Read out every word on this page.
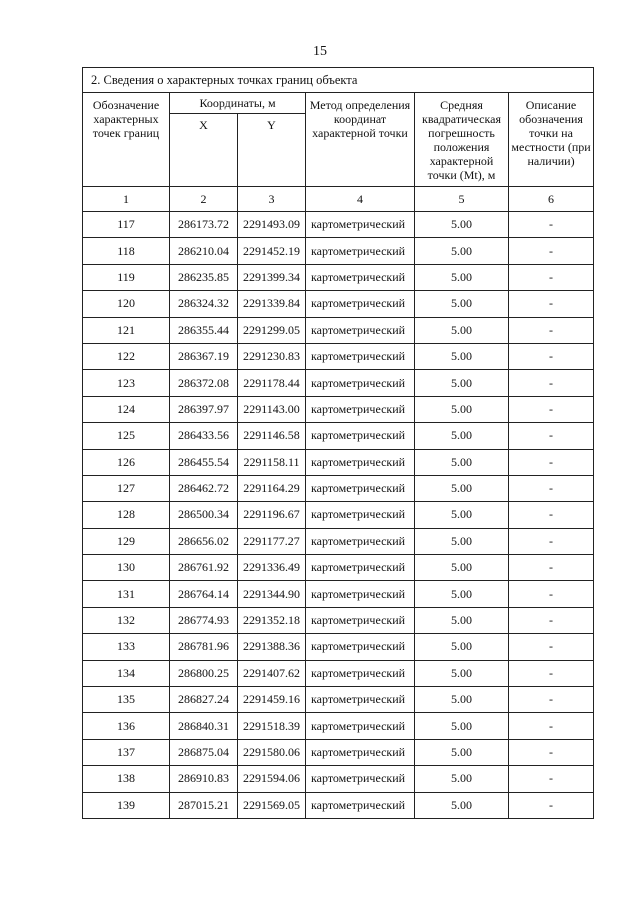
15
2. Сведения о характерных точках границ объекта					
Обозначение характерных точек границ	Координаты, м		Метод определения координат характерной точки	Средняя квадратическая погрешность положения характерной точки (Mt), м	Описание обозначения точки на местности (при наличии)
	X	Y			
1	2	3	4	5	6
117	286173.72	2291493.09	картометрический	5.00	-
118	286210.04	2291452.19	картометрический	5.00	-
119	286235.85	2291399.34	картометрический	5.00	-
120	286324.32	2291339.84	картометрический	5.00	-
121	286355.44	2291299.05	картометрический	5.00	-
122	286367.19	2291230.83	картометрический	5.00	-
123	286372.08	2291178.44	картометрический	5.00	-
124	286397.97	2291143.00	картометрический	5.00	-
125	286433.56	2291146.58	картометрический	5.00	-
126	286455.54	2291158.11	картометрический	5.00	-
127	286462.72	2291164.29	картометрический	5.00	-
128	286500.34	2291196.67	картометрический	5.00	-
129	286656.02	2291177.27	картометрический	5.00	-
130	286761.92	2291336.49	картометрический	5.00	-
131	286764.14	2291344.90	картометрический	5.00	-
132	286774.93	2291352.18	картометрический	5.00	-
133	286781.96	2291388.36	картометрический	5.00	-
134	286800.25	2291407.62	картометрический	5.00	-
135	286827.24	2291459.16	картометрический	5.00	-
136	286840.31	2291518.39	картометрический	5.00	-
137	286875.04	2291580.06	картометрический	5.00	-
138	286910.83	2291594.06	картометрический	5.00	-
139	287015.21	2291569.05	картометрический	5.00	-
